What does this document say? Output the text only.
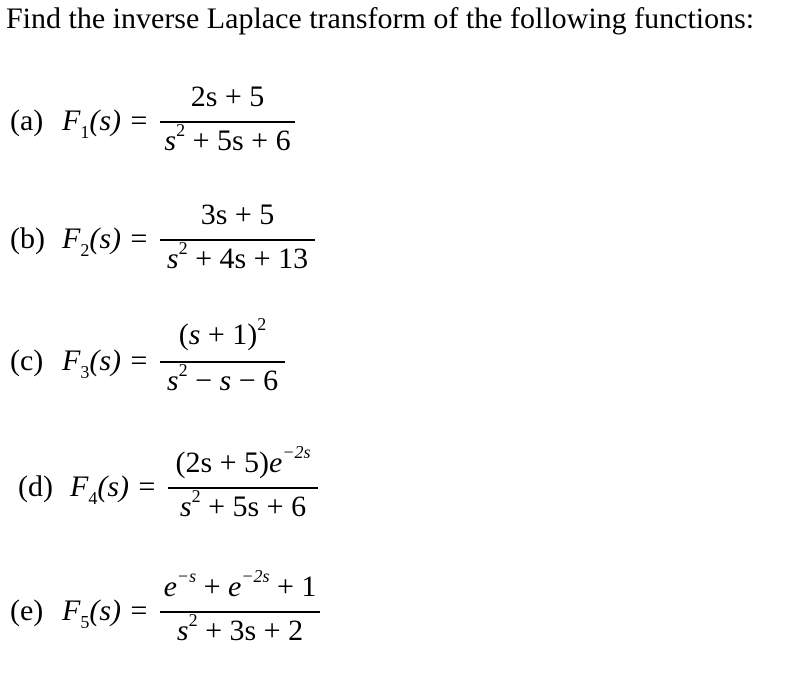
Find the inverse Laplace transform of the following functions:
(a) $F_1(s)$ =
2s + 5
$s^2 + 5s + 6$
(b) $F_2(s)$ =
3s + 5
$s^2 + 4s + 13$
(c) $F_3(s)$ =
$(s + 1)^2$
$s^2 - s - 6$
(d) $F_4(s)$ =
$(2s + 5)e^{-2s}$
$s^2 + 5s + 6$
(e) $F_5(s)$ =
$e^{-s} + e^{-2s} + 1$
$s^2 + 3s + 2$
